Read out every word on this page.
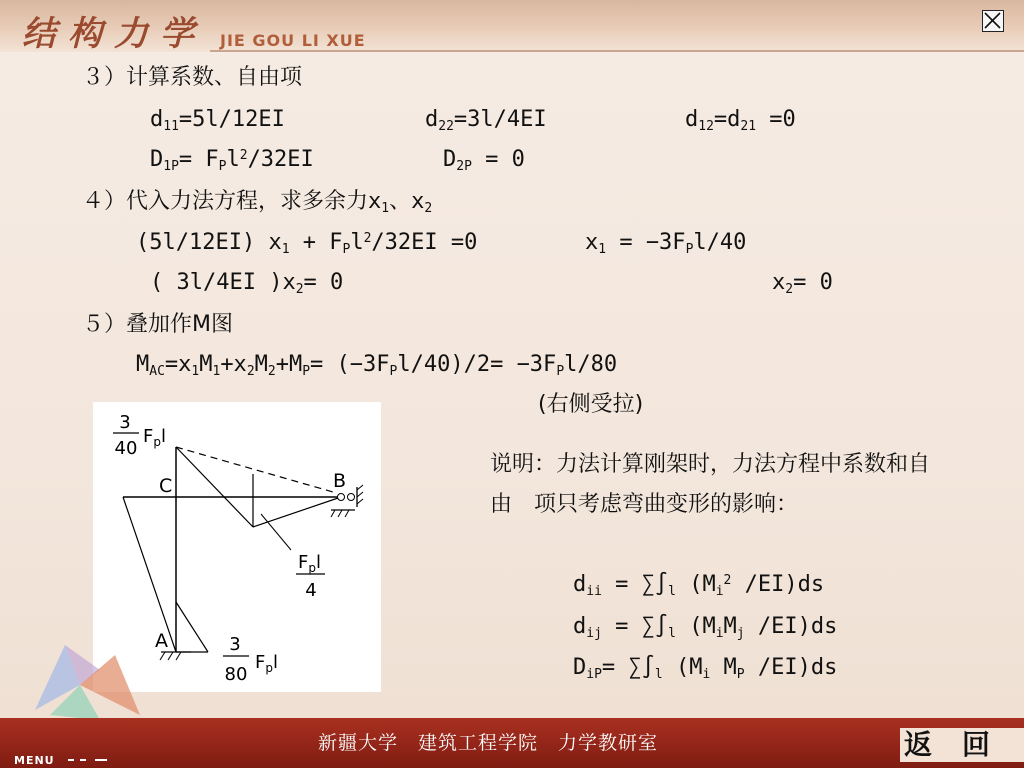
结构力学 JIE GOU LI XUE
３）计算系数、自由项
$d_{11}=5l/12EI$	$d_{22}=3l/4EI$	$d_{12}=d_{21} =0$
$D_{1P}= F_Pl^2/32EI$	$D_{2P} = 0$
４）代入力法方程，求多余力$x_1$、$x_2$
(5l/12EI) $x_1 + F_Pl^2/32EI =0$	$x_1 = -3F_Pl/40$
( 3l/4EI )$x_2= 0$	$x_2= 0$
５）叠加作M图
$M_{AC}=x_1M_1+x_2M_2+M_P= (-3F_Pl/40)/2= -3F_Pl/80$
(右侧受拉)
C	B
A
3
40
$F_pl$
$F_pl$
4
3
80
$F_pl$
说明：力法计算刚架时，力法方程中系数和自由　项只考虑弯曲变形的影响：
$d_{ii} = \sum\int_l$ ($M_i^2$ /EI)ds
$d_{ij} = \sum\int_l$ ($M_iM_j$ /EI)ds
$D_{iP}= \sum\int_l$ ($M_i$ $M_P$ /EI)ds
新疆大学　建筑工程学院　力学教研室	返回
MENU
